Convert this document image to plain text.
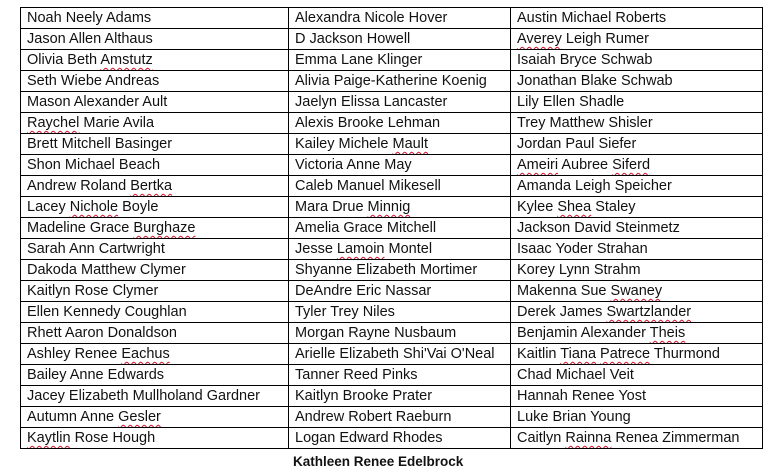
Noah Neely Adams	Alexandra Nicole Hover	Austin Michael Roberts
Jason Allen Althaus	D Jackson Howell	Averey Leigh Rumer
Olivia Beth Amstutz	Emma Lane Klinger	Isaiah Bryce Schwab
Seth Wiebe Andreas	Alivia Paige-Katherine Koenig	Jonathan Blake Schwab
Mason Alexander Ault	Jaelyn Elissa Lancaster	Lily Ellen Shadle
Raychel Marie Avila	Alexis Brooke Lehman	Trey Matthew Shisler
Brett Mitchell Basinger	Kailey Michele Mault	Jordan Paul Siefer
Shon Michael Beach	Victoria Anne May	Ameiri Aubree Siferd
Andrew Roland Bertka	Caleb Manuel Mikesell	Amanda Leigh Speicher
Lacey Nichole Boyle	Mara Drue Minnig	Kylee Shea Staley
Madeline Grace Burghaze	Amelia Grace Mitchell	Jackson David Steinmetz
Sarah Ann Cartwright	Jesse Lamoin Montel	Isaac Yoder Strahan
Dakoda Matthew Clymer	Shyanne Elizabeth Mortimer	Korey Lynn Strahm
Kaitlyn Rose Clymer	DeAndre Eric Nassar	Makenna Sue Swaney
Ellen Kennedy Coughlan	Tyler Trey Niles	Derek James Swartzlander
Rhett Aaron Donaldson	Morgan Rayne Nusbaum	Benjamin Alexander Theis
Ashley Renee Eachus	Arielle Elizabeth Shi'Vai O'Neal	Kaitlin Tiana Patrece Thurmond
Bailey Anne Edwards	Tanner Reed Pinks	Chad Michael Veit
Jacey Elizabeth Mullholand Gardner	Kaitlyn Brooke Prater	Hannah Renee Yost
Autumn Anne Gesler	Andrew Robert Raeburn	Luke Brian Young
Kaytlin Rose Hough	Logan Edward Rhodes	Caitlyn Rainna Renea Zimmerman
Kathleen Renee Edelbrock
